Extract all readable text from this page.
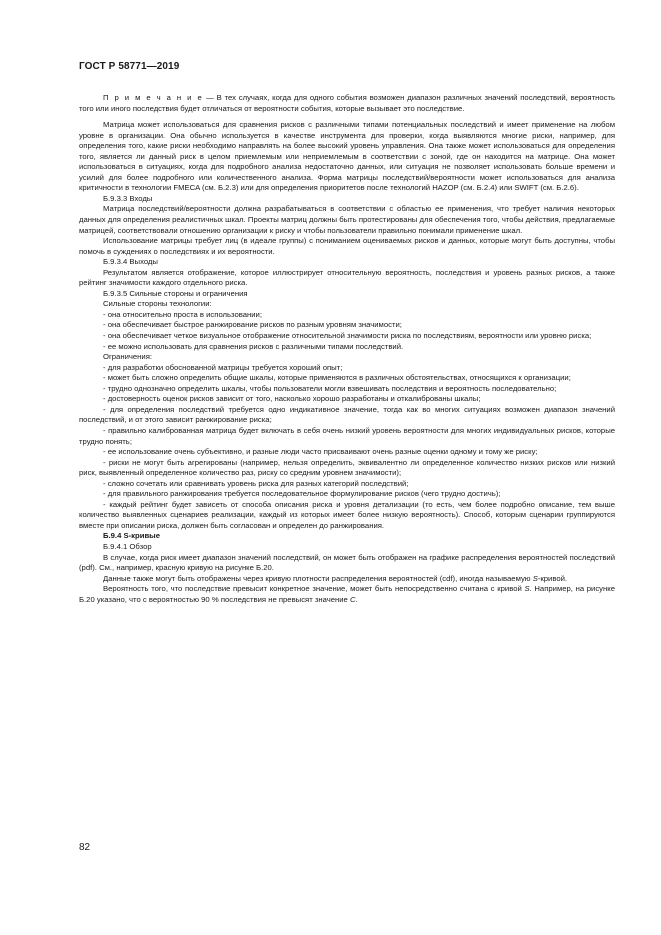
ГОСТ Р 58771—2019

П р и м е ч а н и е — В тех случаях, когда для одного события возможен диапазон различных значений последствий, вероятность того или иного последствия будет отличаться от вероятности события, которые вызывает это последствие.

Матрица может использоваться для сравнения рисков с различными типами потенциальных последствий и имеет применение на любом уровне в организации. Она обычно используется в качестве инструмента для проверки, когда выявляются многие риски, например, для определения того, какие риски необходимо направлять на более высокий уровень управления. Она также может использоваться для определения того, является ли данный риск в целом приемлемым или неприемлемым в соответствии с зоной, где он находится на матрице. Она может использоваться в ситуациях, когда для подробного анализа недостаточно данных, или ситуация не позволяет использовать больше времени и усилий для более подробного или количественного анализа. Форма матрицы последствий/вероятности может использоваться для анализа критичности в технологии FMECA (см. Б.2.3) или для определения приоритетов после технологий HAZOP (см. Б.2.4) или SWIFT (см. Б.2.6).

Б.9.3.3 Входы

Матрица последствий/вероятности должна разрабатываться в соответствии с областью ее применения, что требует наличия некоторых данных для определения реалистичных шкал. Проекты матриц должны быть протестированы для обеспечения того, чтобы действия, предлагаемые матрицей, соответствовали отношению организации к риску и чтобы пользователи правильно понимали применение шкал.

Использование матрицы требует лиц (в идеале группы) с пониманием оцениваемых рисков и данных, которые могут быть доступны, чтобы помочь в суждениях о последствиях и их вероятности.

Б.9.3.4 Выходы

Результатом является отображение, которое иллюстрирует относительную вероятность, последствия и уровень разных рисков, а также рейтинг значимости каждого отдельного риска.

Б.9.3.5 Сильные стороны и ограничения

Сильные стороны технологии:

- она относительно проста в использовании;

- она обеспечивает быстрое ранжирование рисков по разным уровням значимости;

- она обеспечивает четкое визуальное отображение относительной значимости риска по последствиям, вероятности или уровню риска;

- ее можно использовать для сравнения рисков с различными типами последствий.

Ограничения:

- для разработки обоснованной матрицы требуется хороший опыт;

- может быть сложно определить общие шкалы, которые применяются в различных обстоятельствах, относящихся к организации;

- трудно однозначно определить шкалы, чтобы пользователи могли взвешивать последствия и вероятность последовательно;

- достоверность оценок рисков зависит от того, насколько хорошо разработаны и откалиброваны шкалы;

- для определения последствий требуется одно индикативное значение, тогда как во многих ситуациях возможен диапазон значений последствий, и от этого зависит ранжирование риска;

- правильно калиброванная матрица будет включать в себя очень низкий уровень вероятности для многих индивидуальных рисков, которые трудно понять;

- ее использование очень субъективно, и разные люди часто присваивают очень разные оценки одному и тому же риску;

- риски не могут быть агрегированы (например, нельзя определить, эквивалентно ли определенное количество низких рисков или низкий риск, выявленный определенное количество раз, риску со средним уровнем значимости);

- сложно сочетать или сравнивать уровень риска для разных категорий последствий;

- для правильного ранжирования требуется последовательное формулирование рисков (чего трудно достичь);

- каждый рейтинг будет зависеть от способа описания риска и уровня детализации (то есть, чем более подробно описание, тем выше количество выявленных сценариев реализации, каждый из которых имеет более низкую вероятность). Способ, которым сценарии группируются вместе при описании риска, должен быть согласован и определен до ранжирования.

Б.9.4 S-кривые

Б.9.4.1 Обзор

В случае, когда риск имеет диапазон значений последствий, он может быть отображен на графике распределения вероятностей последствий (pdf). См., например, красную кривую на рисунке Б.20.

Данные также могут быть отображены через кривую плотности распределения вероятностей (cdf), иногда называемую S-кривой.

Вероятность того, что последствие превысит конкретное значение, может быть непосредственно считана с кривой S. Например, на рисунке Б.20 указано, что с вероятностью 90 % последствия не превысят значение С.

82
